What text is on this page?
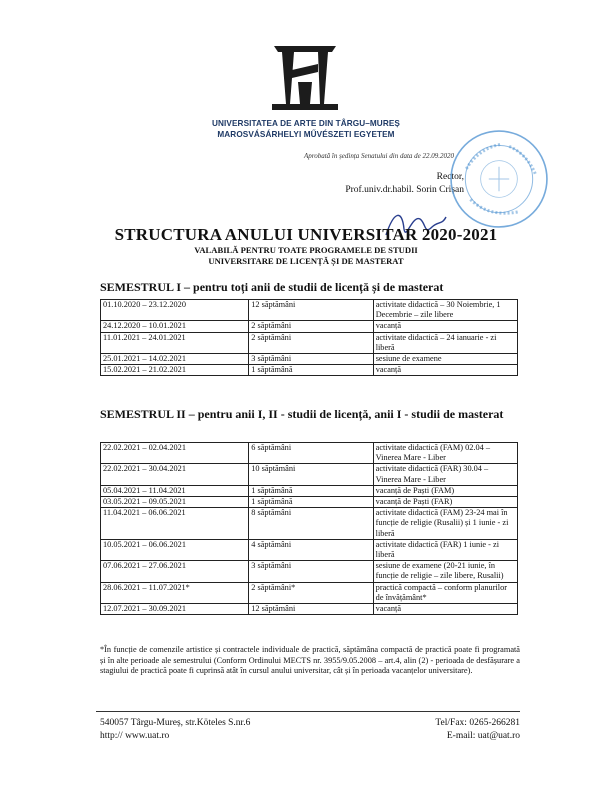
UNIVERSITATEA DE ARTE DIN TÂRGU–MUREȘ
MAROSVÁSÁRHELYI MŰVÉSZETI EGYETEM
Aprobată în ședința Senatului din data de 22.09.2020
Rector,
Prof.univ.dr.habil. Sorin Crișan
STRUCTURA ANULUI UNIVERSITAR 2020-2021
VALABILĂ PENTRU TOATE PROGRAMELE DE STUDII
UNIVERSITARE DE LICENȚĂ ȘI DE MASTERAT
SEMESTRUL I – pentru toți anii de studii de licență și de masterat
01.10.2020 – 23.12.2020	12 săptămâni	activitate didactică – 30 Noiembrie, 1 Decembrie – zile libere
24.12.2020 – 10.01.2021	2 săptămâni	vacanță
11.01.2021 – 24.01.2021	2 săptămâni	activitate didactică – 24 ianuarie - zi liberă
25.01.2021 – 14.02.2021	3 săptămâni	sesiune de examene
15.02.2021 – 21.02.2021	1 săptămână	vacanță
SEMESTRUL II – pentru anii I, II - studii de licență, anii I - studii de masterat
22.02.2021 – 02.04.2021	6 săptămâni	activitate didactică (FAM) 02.04 – Vinerea Mare - Liber
22.02.2021 – 30.04.2021	10 săptămâni	activitate didactică (FAR) 30.04 – Vinerea Mare - Liber
05.04.2021 – 11.04.2021	1 săptămână	vacanță de Paști (FAM)
03.05.2021 – 09.05.2021	1 săptămână	vacanță de Paști (FAR)
11.04.2021 – 06.06.2021	8 săptămâni	activitate didactică (FAM) 23-24 mai în funcție de religie (Rusalii) și 1 iunie - zi liberă
10.05.2021 – 06.06.2021	4 săptămâni	activitate didactică (FAR) 1 iunie - zi liberă
07.06.2021 – 27.06.2021	3 săptămâni	sesiune de examene (20-21 iunie, în funcție de religie – zile libere, Rusalii)
28.06.2021 – 11.07.2021*	2 săptămâni*	practică compactă – conform planurilor de învățământ*
12.07.2021 – 30.09.2021	12 săptămâni	vacanță
*În funcție de comenzile artistice și contractele individuale de practică, săptămâna compactă de practică poate fi programată și în alte perioade ale semestrului (Conform Ordinului MECTS nr. 3955/9.05.2008 – art.4, alin (2) - perioada de desfășurare a stagiului de practică poate fi cuprinsă atât în cursul anului universitar, cât și în perioada vacanțelor universitare).
540057 Târgu-Mureș, str.Köteles S.nr.6
http:// www.uat.ro
Tel/Fax: 0265-266281
E-mail: uat@uat.ro
